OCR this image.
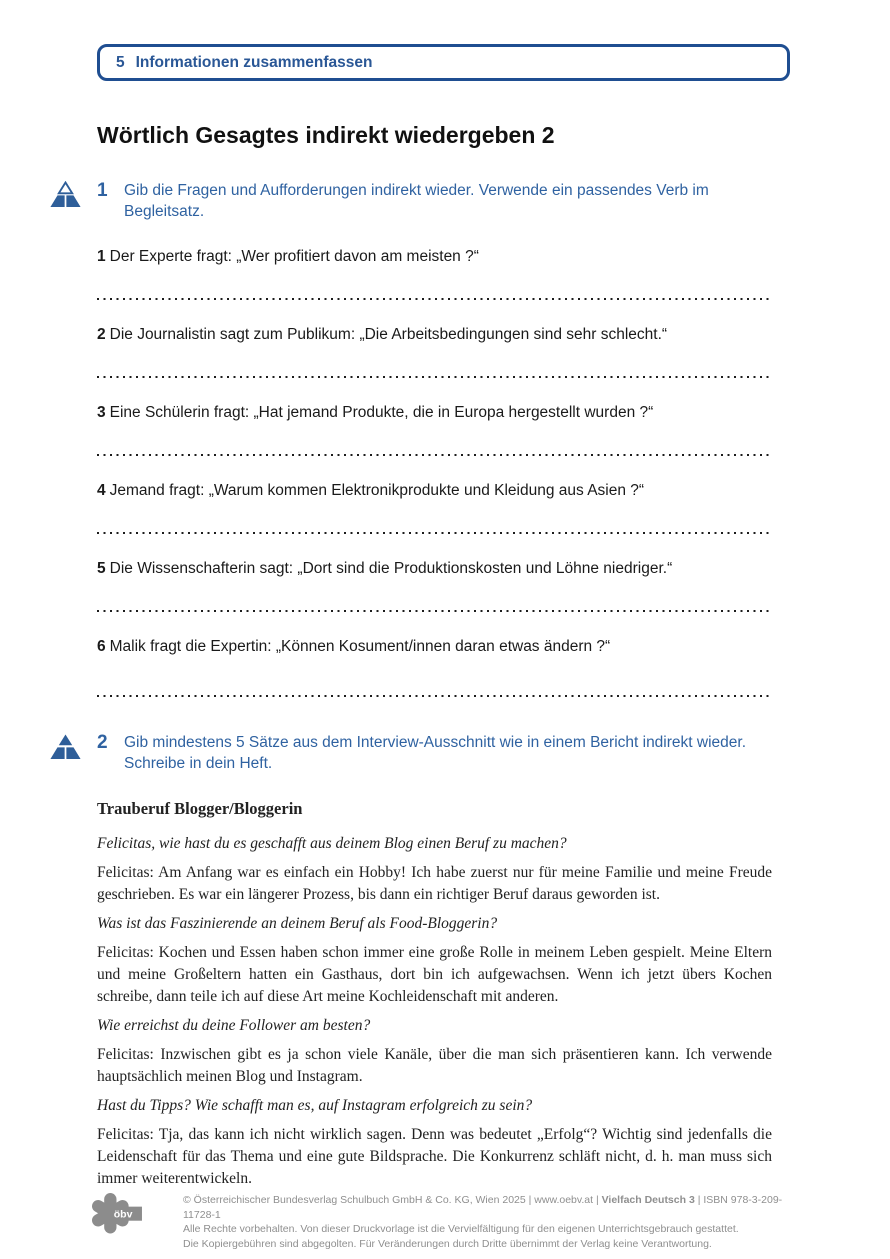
5 Informationen zusammenfassen
Wörtlich Gesagtes indirekt wiedergeben 2
1	Gib die Fragen und Aufforderungen indirekt wieder. Verwende ein passendes Verb im Begleitsatz.

1 Der Experte fragt: „Wer profitiert davon am meisten ?“

2 Die Journalistin sagt zum Publikum: „Die Arbeitsbedingungen sind sehr schlecht.“

3 Eine Schülerin fragt: „Hat jemand Produkte, die in Europa hergestellt wurden ?“

4 Jemand fragt: „Warum kommen Elektronikprodukte und Kleidung aus Asien ?“

5 Die Wissenschafterin sagt: „Dort sind die Produktionskosten und Löhne niedriger.“

6 Malik fragt die Expertin: „Können Kosument/innen daran etwas ändern ?“

2	Gib mindestens 5 Sätze aus dem Interview-Ausschnitt wie in einem Bericht indirekt wieder. Schreibe in dein Heft.

Trauberuf Blogger/Bloggerin

Felicitas, wie hast du es geschafft aus deinem Blog einen Beruf zu machen?

Felicitas: Am Anfang war es einfach ein Hobby! Ich habe zuerst nur für meine Familie und meine Freude geschrieben. Es war ein längerer Prozess, bis dann ein richtiger Beruf daraus geworden ist.

Was ist das Faszinierende an deinem Beruf als Food-Bloggerin?

Felicitas: Kochen und Essen haben schon immer eine große Rolle in meinem Leben gespielt. Meine Eltern und meine Großeltern hatten ein Gasthaus, dort bin ich aufgewachsen. Wenn ich jetzt übers Kochen schreibe, dann teile ich auf diese Art meine Kochleidenschaft mit anderen.

Wie erreichst du deine Follower am besten?

Felicitas: Inzwischen gibt es ja schon viele Kanäle, über die man sich präsentieren kann. Ich verwende hauptsächlich meinen Blog und Instagram.

Hast du Tipps? Wie schafft man es, auf Instagram erfolgreich zu sein?

Felicitas: Tja, das kann ich nicht wirklich sagen. Denn was bedeutet „Erfolg“? Wichtig sind jedenfalls die Leidenschaft für das Thema und eine gute Bildsprache. Die Konkurrenz schläft nicht, d. h. man muss sich immer weiterentwickeln.

öbv
© Österreichischer Bundesverlag Schulbuch GmbH & Co. KG, Wien 2025 | www.oebv.at | Vielfach Deutsch 3 | ISBN 978-3-209-11728-1
Alle Rechte vorbehalten. Von dieser Druckvorlage ist die Vervielfältigung für den eigenen Unterrichtsgebrauch gestattet.
Die Kopiergebühren sind abgegolten. Für Veränderungen durch Dritte übernimmt der Verlag keine Verantwortung.
